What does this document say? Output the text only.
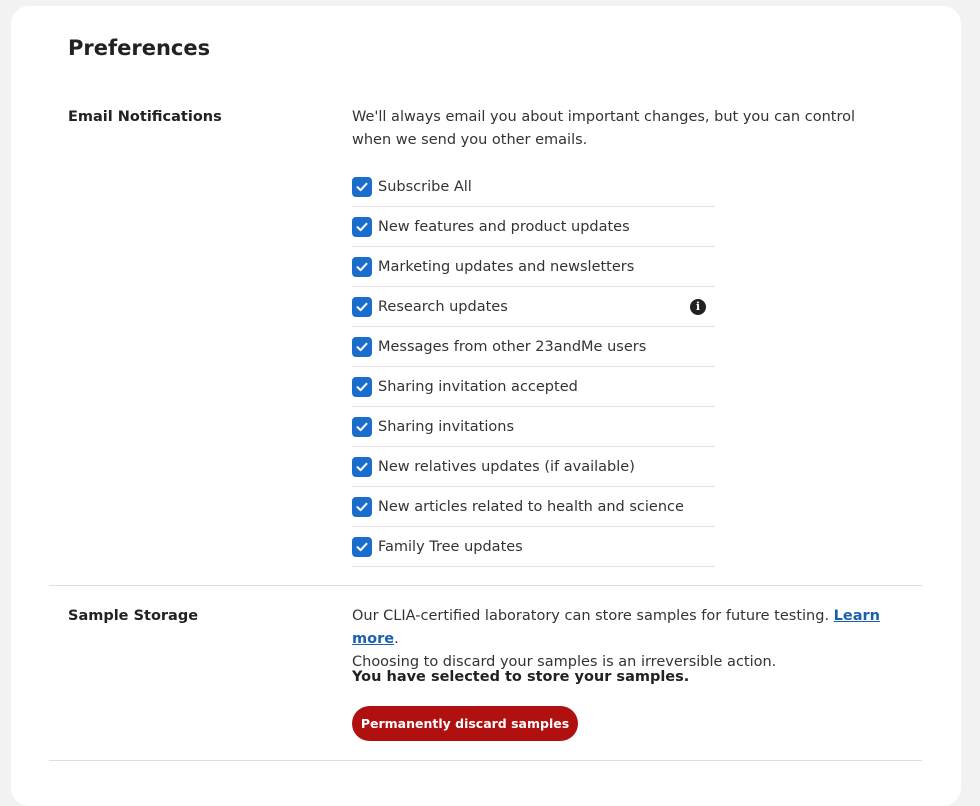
Preferences
Email Notifications	We'll always email you about important changes, but you can control when we send you other emails.

Subscribe All
New features and product updates
Marketing updates and newsletters
Research updates	i
Messages from other 23andMe users
Sharing invitation accepted
Sharing invitations
New relatives updates (if available)
New articles related to health and science
Family Tree updates
Sample Storage	Our CLIA-certified laboratory can store samples for future testing. Learn more.
Choosing to discard your samples is an irreversible action.

You have selected to store your samples.
Permanently discard samples
